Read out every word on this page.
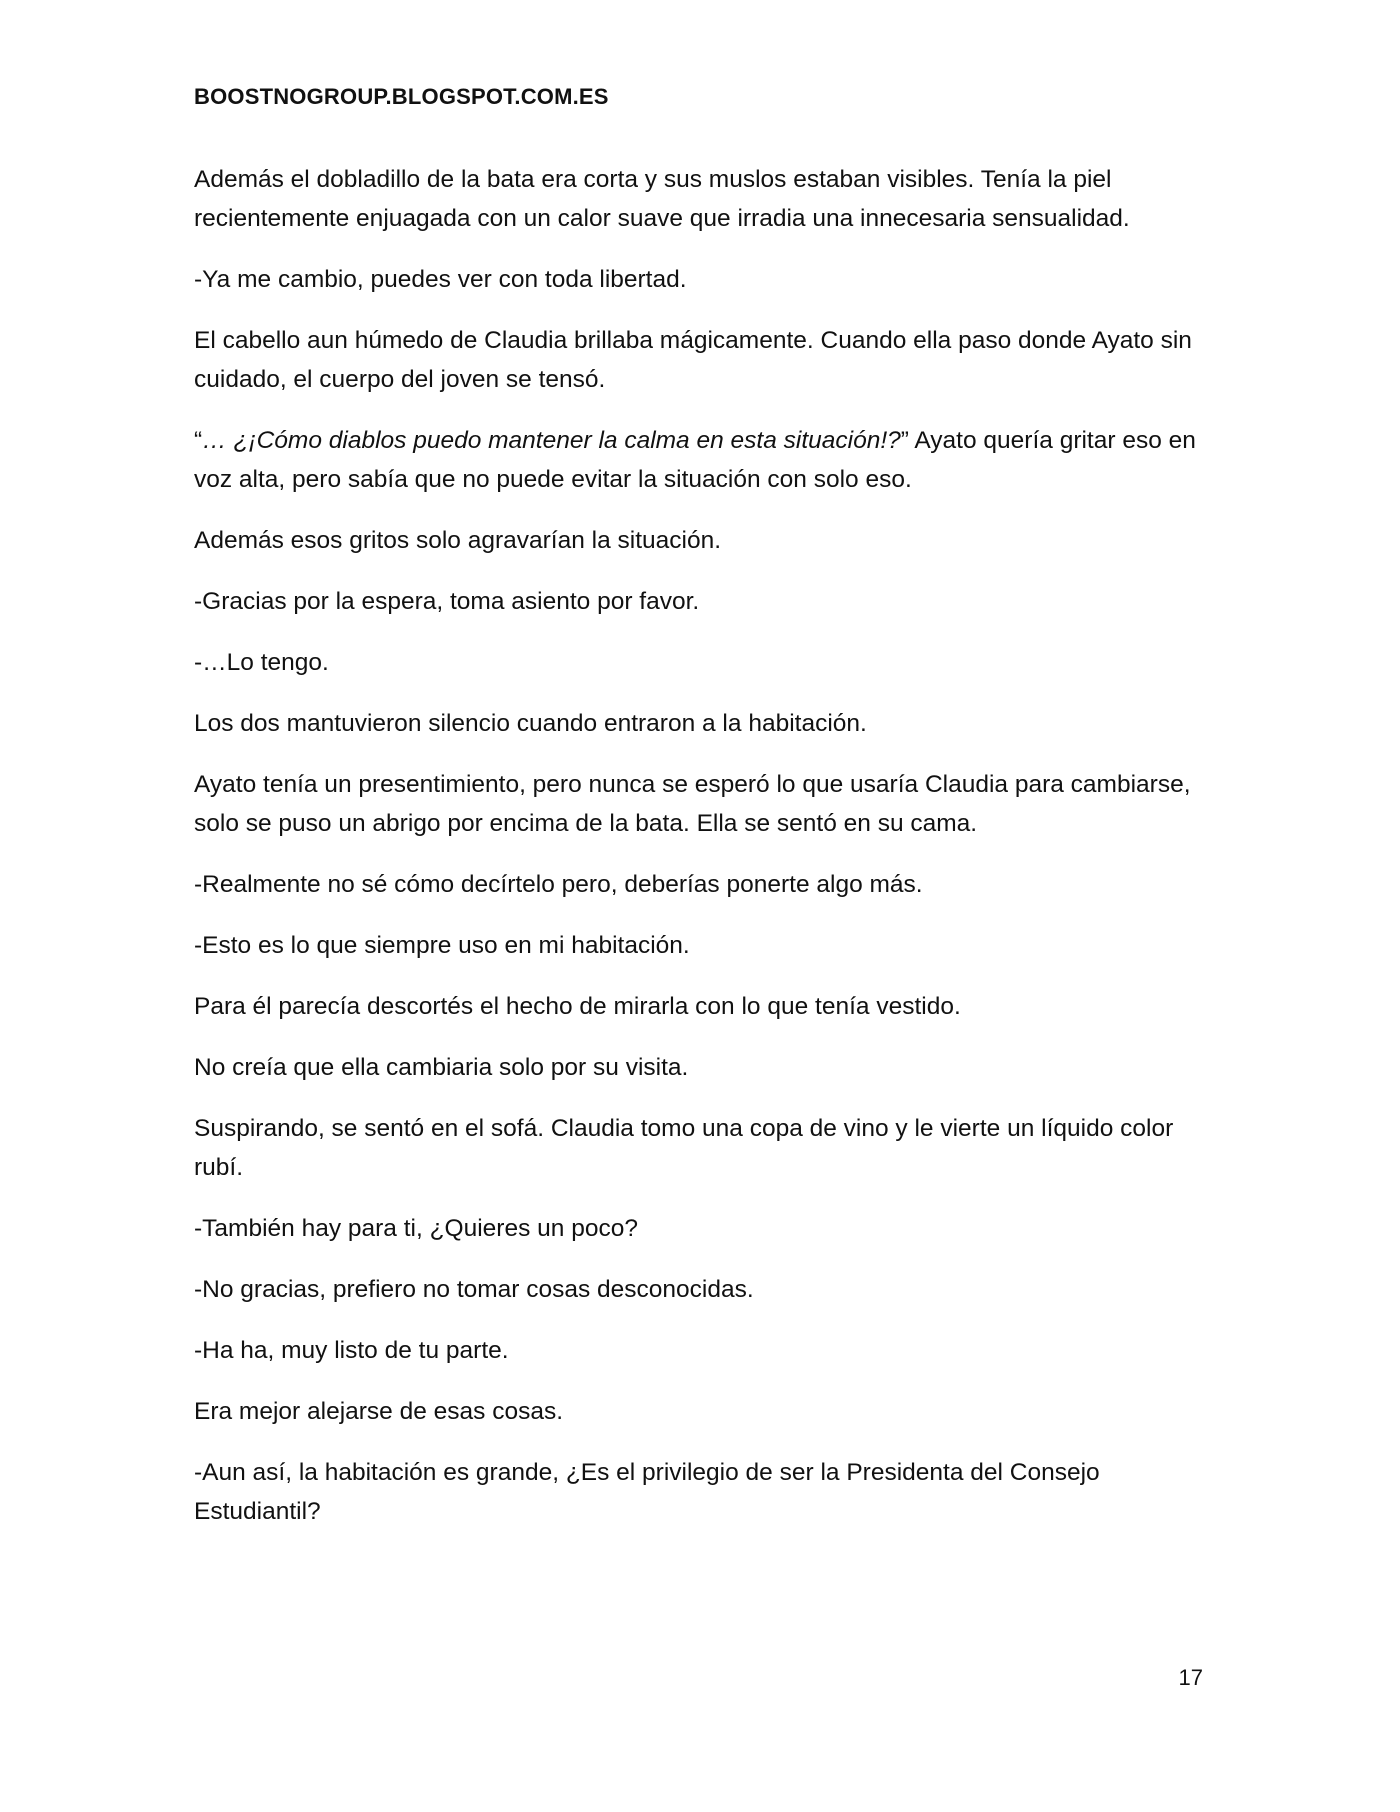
BOOSTNOGROUP.BLOGSPOT.COM.ES

Además el dobladillo de la bata era corta y sus muslos estaban visibles. Tenía la piel recientemente enjuagada con un calor suave que irradia una innecesaria sensualidad.

-Ya me cambio, puedes ver con toda libertad.

El cabello aun húmedo de Claudia brillaba mágicamente. Cuando ella paso donde Ayato sin cuidado, el cuerpo del joven se tensó.

“… ¿¡Cómo diablos puedo mantener la calma en esta situación!?” Ayato quería gritar eso en voz alta, pero sabía que no puede evitar la situación con solo eso.

Además esos gritos solo agravarían la situación.

-Gracias por la espera, toma asiento por favor.

-…Lo tengo.

Los dos mantuvieron silencio cuando entraron a la habitación.

Ayato tenía un presentimiento, pero nunca se esperó lo que usaría Claudia para cambiarse, solo se puso un abrigo por encima de la bata. Ella se sentó en su cama.

-Realmente no sé cómo decírtelo pero, deberías ponerte algo más.

-Esto es lo que siempre uso en mi habitación.

Para él parecía descortés el hecho de mirarla con lo que tenía vestido.

No creía que ella cambiaria solo por su visita.

Suspirando, se sentó en el sofá. Claudia tomo una copa de vino y le vierte un líquido color rubí.

-También hay para ti, ¿Quieres un poco?

-No gracias, prefiero no tomar cosas desconocidas.

-Ha ha, muy listo de tu parte.

Era mejor alejarse de esas cosas.

-Aun así, la habitación es grande, ¿Es el privilegio de ser la Presidenta del Consejo Estudiantil?

17
